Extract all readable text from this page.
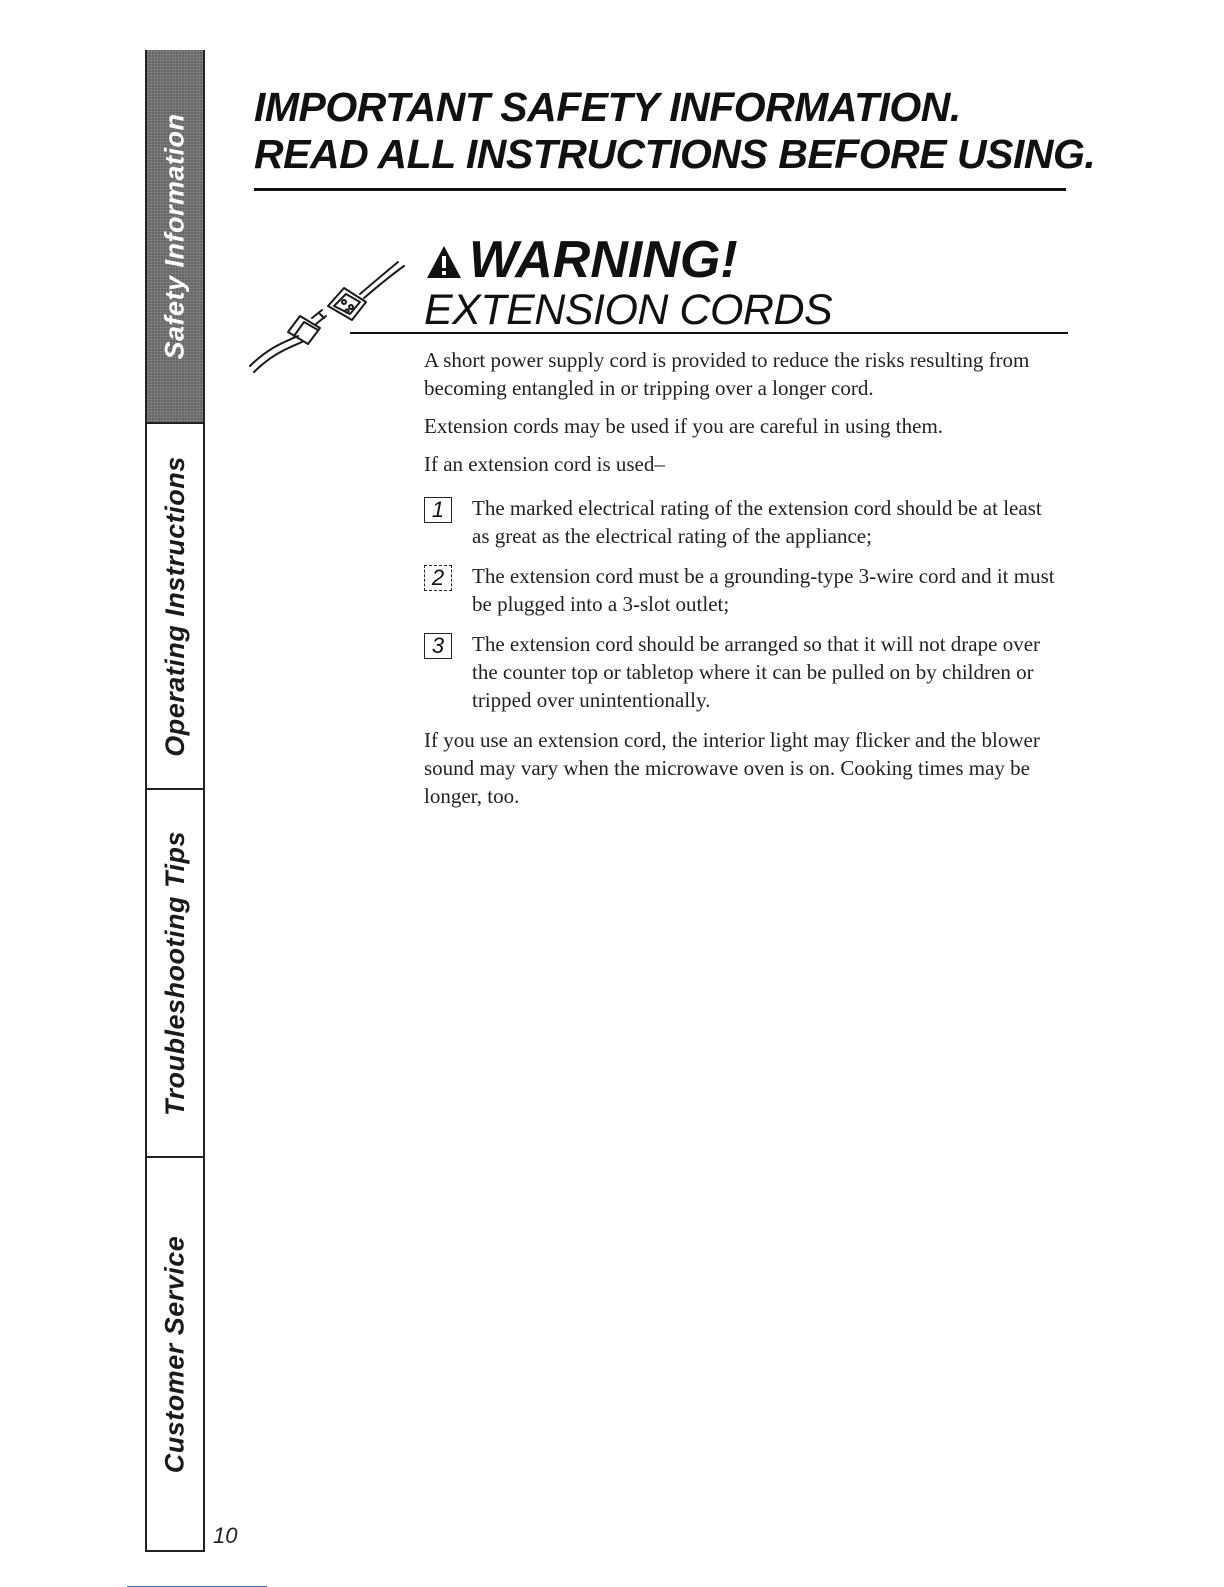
Safety Information
Operating Instructions
Troubleshooting Tips
Customer Service
10
IMPORTANT SAFETY INFORMATION.
READ ALL INSTRUCTIONS BEFORE USING.
WARNING!
EXTENSION CORDS

A short power supply cord is provided to reduce the risks resulting from becoming entangled in or tripping over a longer cord.

Extension cords may be used if you are careful in using them.

If an extension cord is used–

1	The marked electrical rating of the extension cord should be at least as great as the electrical rating of the appliance;
2	The extension cord must be a grounding-type 3-wire cord and it must be plugged into a 3-slot outlet;
3	The extension cord should be arranged so that it will not drape over the counter top or tabletop where it can be pulled on by children or tripped over unintentionally.

If you use an extension cord, the interior light may flicker and the blower sound may vary when the microwave oven is on. Cooking times may be longer, too.
